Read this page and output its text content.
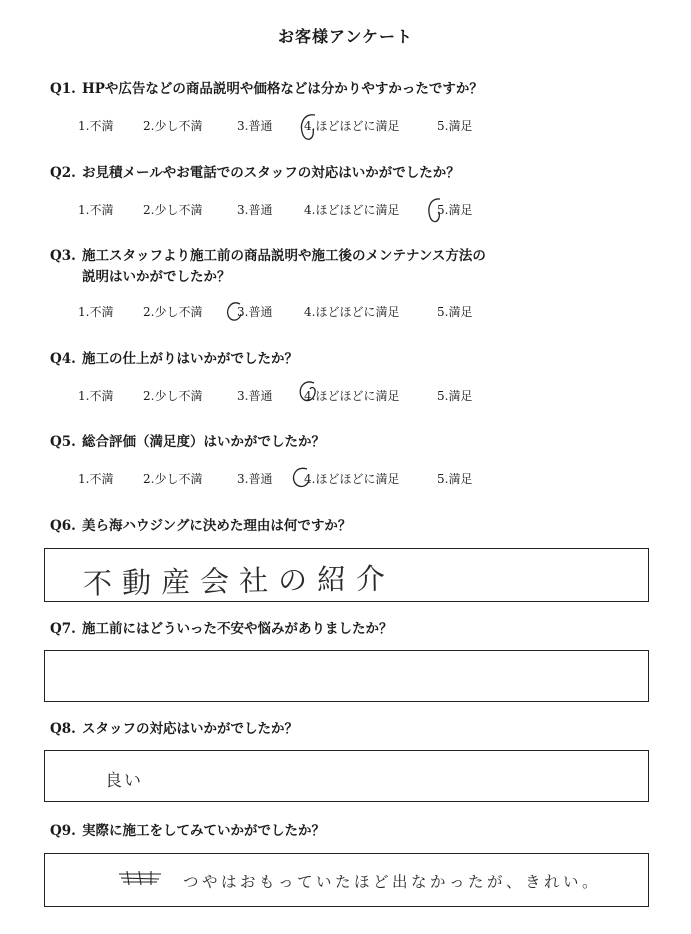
お客様アンケート
Q1. HPや広告などの商品説明や価格などは分かりやすかったですか？
1.不満 2.少し不満	3.普通	4.ほどほどに満足	5.満足
Q2. お見積メールやお電話でのスタッフの対応はいかがでしたか？
1.不満 2.少し不満	3.普通	4.ほどほどに満足	5.満足
Q3. 施工スタッフより施工前の商品説明や施工後のメンテナンス方法の
説明はいかがでしたか？
1.不満 2.少し不満	3.普通	4.ほどほどに満足	5.満足
Q4. 施工の仕上がりはいかがでしたか？
1.不満 2.少し不満	3.普通	4.ほどほどに満足	5.満足
Q5. 総合評価（満足度）はいかがでしたか？
1.不満 2.少し不満	3.普通	4.ほどほどに満足	5.満足
Q6. 美ら海ハウジングに決めた理由は何ですか？
不動産会社の紹介
Q7. 施工前にはどういった不安や悩みがありましたか？
Q8. スタッフの対応はいかがでしたか？
良い
Q9. 実際に施工をしてみていかがでしたか？
つやはおもっていたほど出なかったが、きれい。
